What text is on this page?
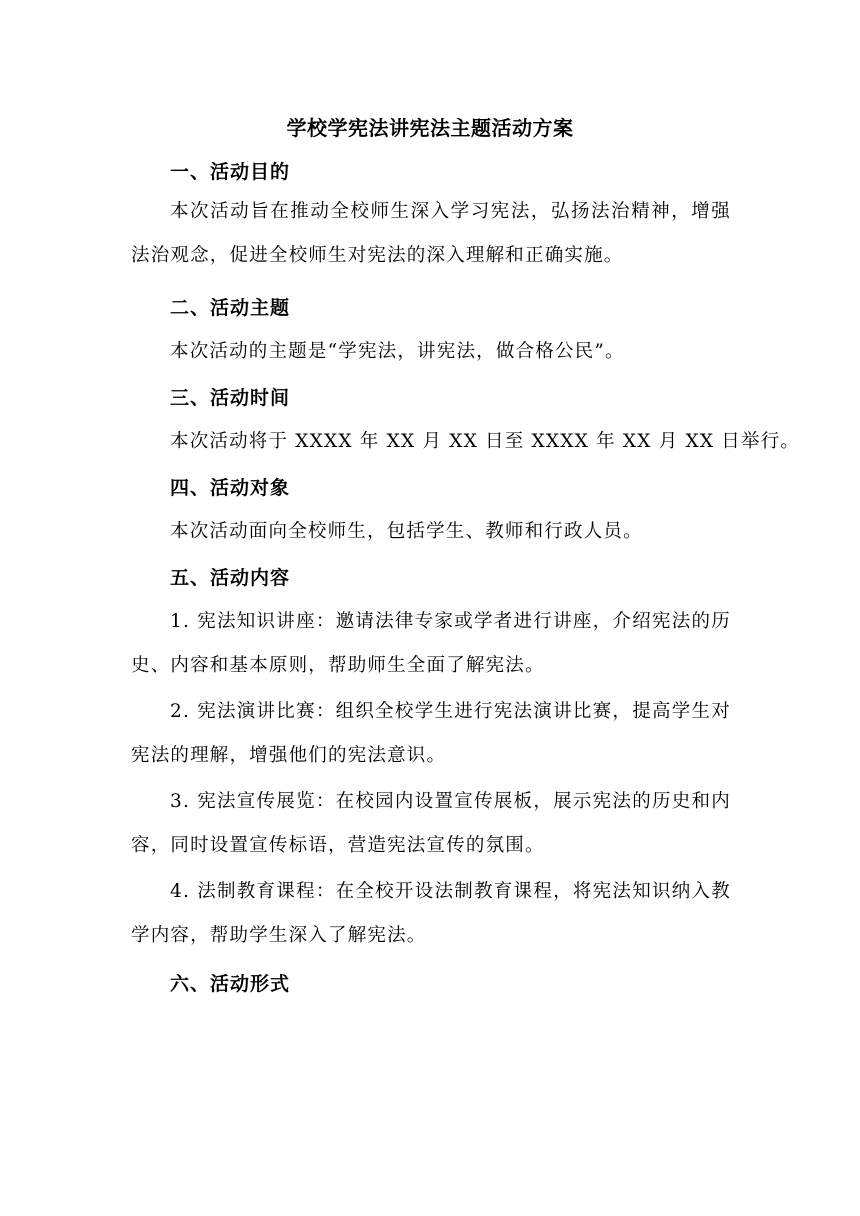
学校学宪法讲宪法主题活动方案
一、活动目的
本次活动旨在推动全校师生深入学习宪法，弘扬法治精神，增强法治观念，促进全校师生对宪法的深入理解和正确实施。
二、活动主题
本次活动的主题是“学宪法，讲宪法，做合格公民”。
三、活动时间
本次活动将于 XXXX 年 XX 月 XX 日至 XXXX 年 XX 月 XX 日举行。
四、活动对象
本次活动面向全校师生，包括学生、教师和行政人员。
五、活动内容
1. 宪法知识讲座：邀请法律专家或学者进行讲座，介绍宪法的历史、内容和基本原则，帮助师生全面了解宪法。
2. 宪法演讲比赛：组织全校学生进行宪法演讲比赛，提高学生对宪法的理解，增强他们的宪法意识。
3. 宪法宣传展览：在校园内设置宣传展板，展示宪法的历史和内容，同时设置宣传标语，营造宪法宣传的氛围。
4. 法制教育课程：在全校开设法制教育课程，将宪法知识纳入教学内容，帮助学生深入了解宪法。
六、活动形式
